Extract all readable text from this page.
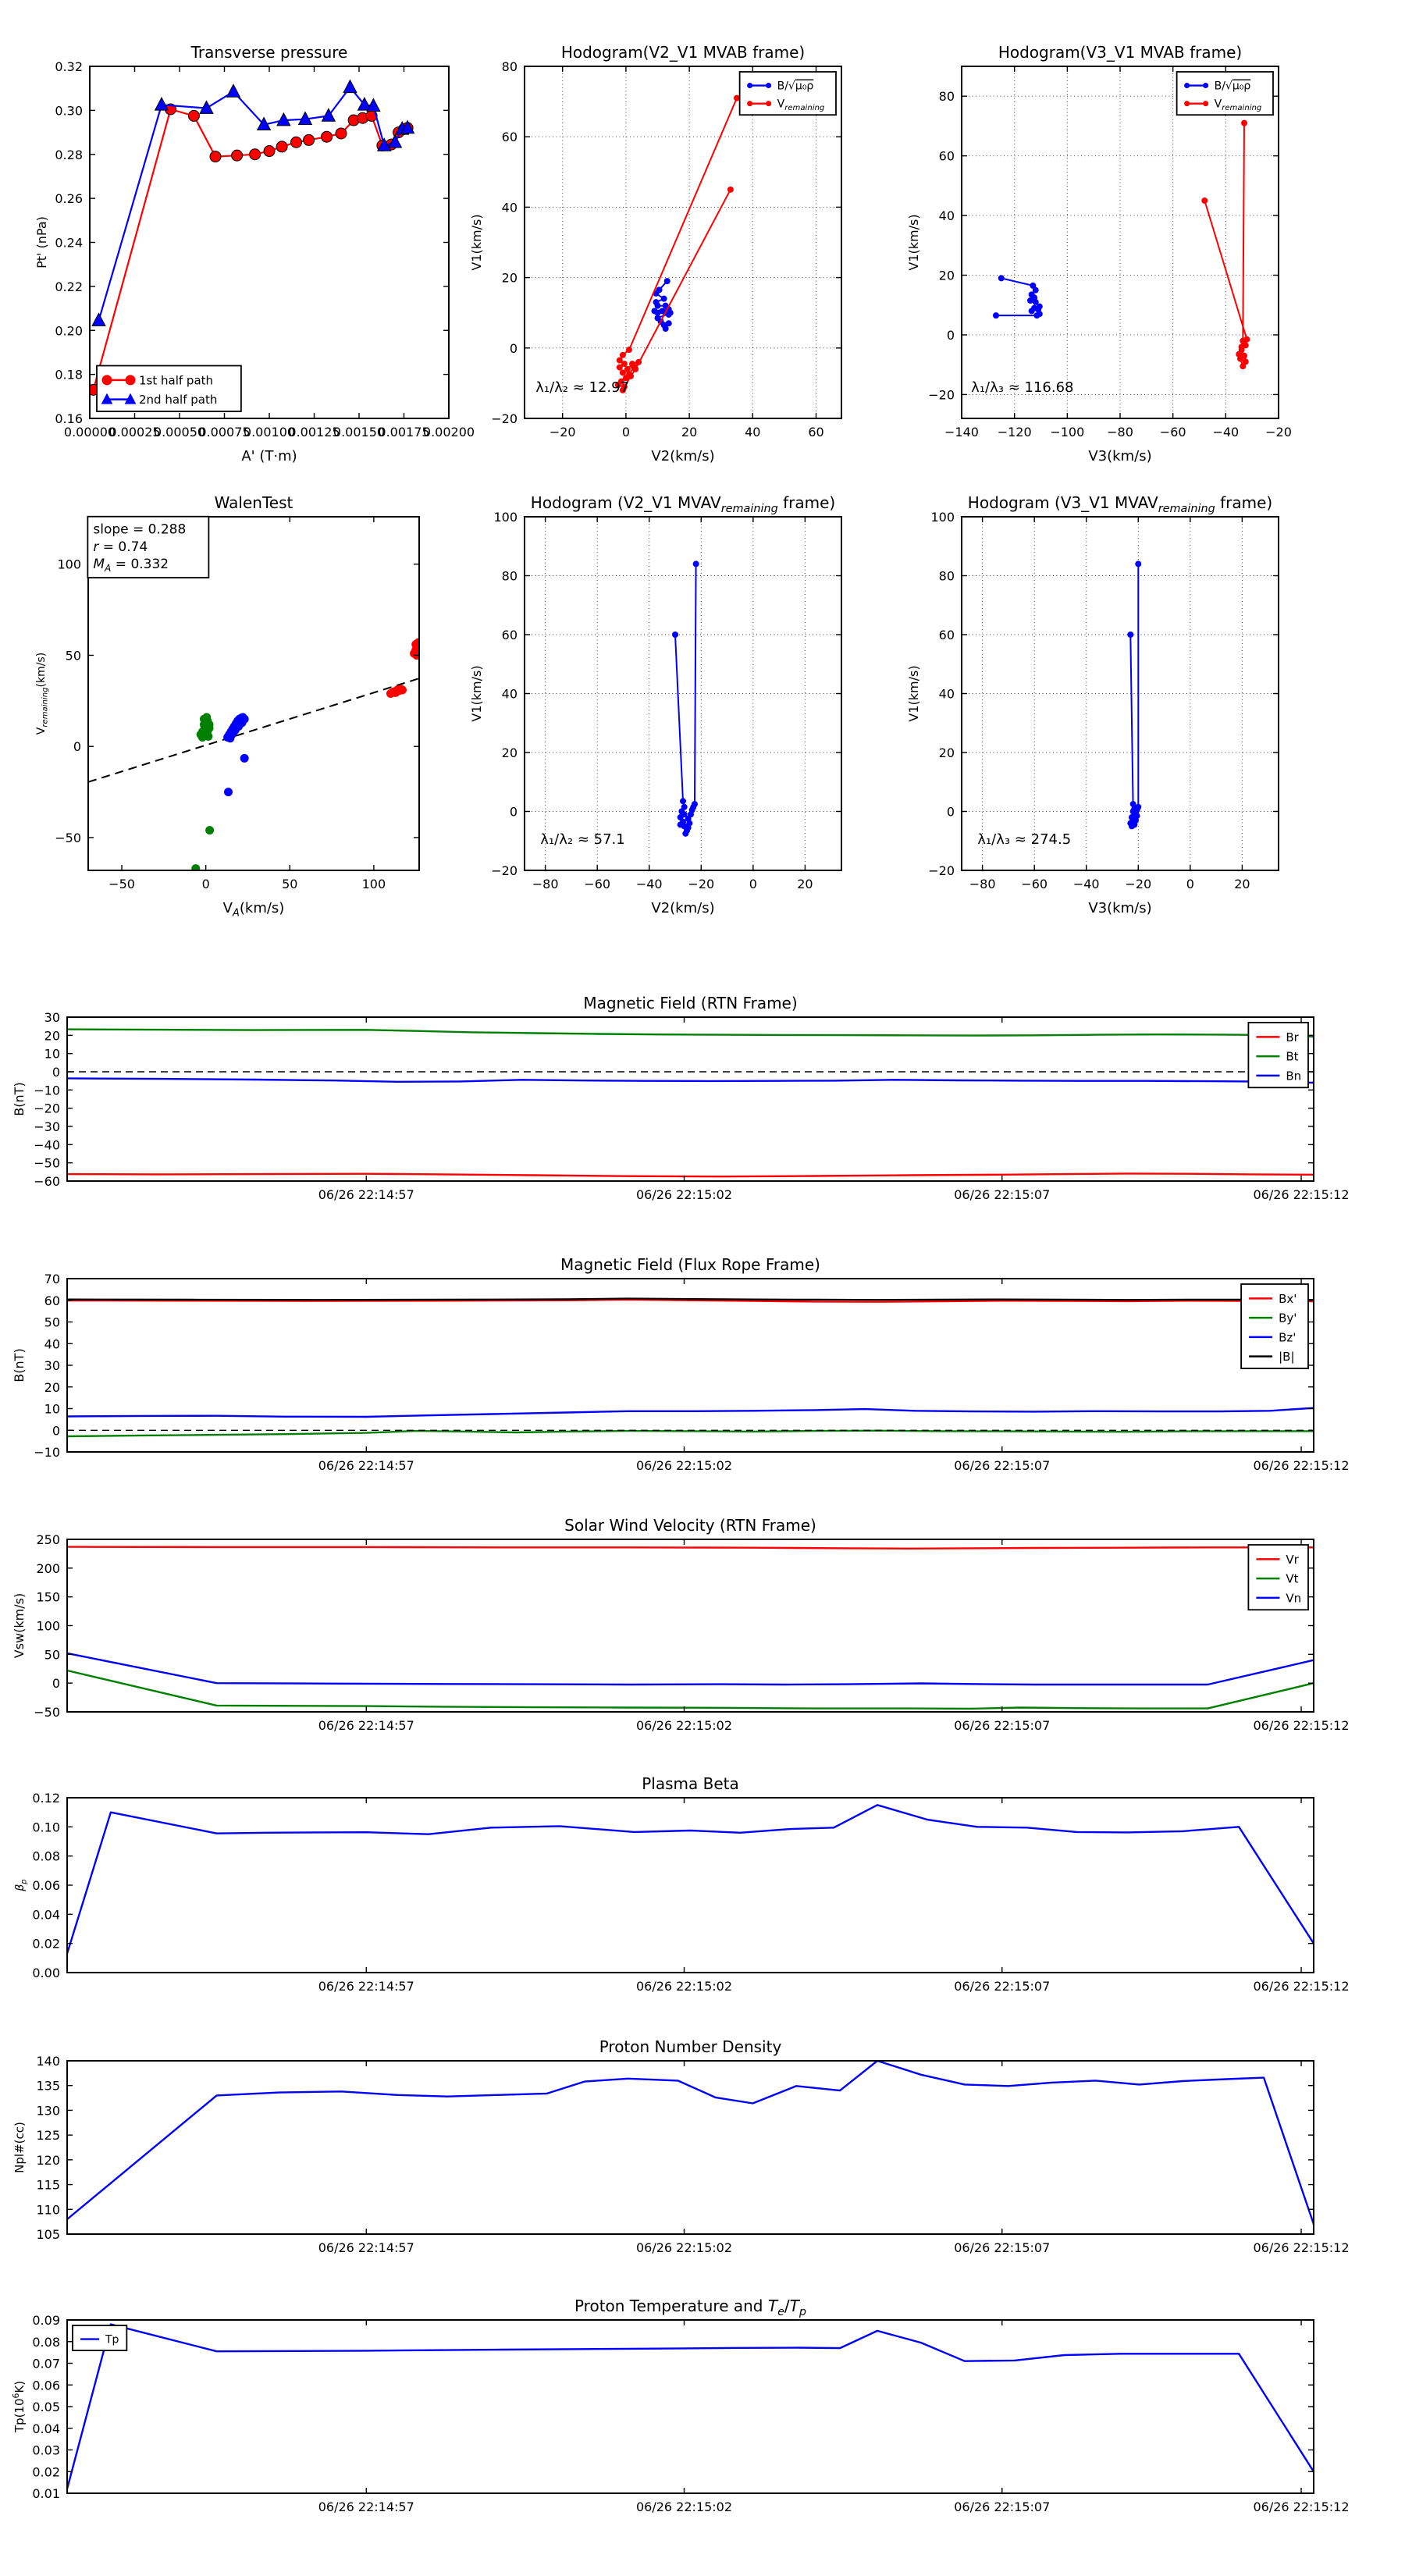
0.00000
0.00025
0.00050
0.00075
0.00100
0.00125
0.00150
0.00175
0.00200
0.16
0.18
0.20
0.22
0.24
0.26
0.28
0.30
0.32
Transverse pressure
A' (T·m)
Pt' (nPa)
1st half path
2nd half path
−20	0	20	40	60
−20
0
20
40
60
80
Hodogram(V2_V1 MVAB frame)
V2(km/s)
V1(km/s)
B/√μ₀ρ
$V_{remaining}$
λ₁/λ₂ ≈ 12.97
−140 −120 −100 −80 −60 −40 −20
−20
0
20
40
60
80
Hodogram(V3_V1 MVAB frame)
V3(km/s)
V1(km/s)
B/√μ₀ρ
$V_{remaining}$
λ₁/λ₃ ≈ 116.68
−50	0	50	100
−50
0
50
100
WalenTest
$V_A(km/s)$
$V_{remaining}(km/s)$
slope = 0.288
r = 0.74
$M_A = 0.332$
−80 −60 −40 −20	0	20
−20
0
20
40
60
80
100
Hodogram (V2_V1 $MVAV_{remaining}$ frame)
V2(km/s)
V1(km/s)
λ₁/λ₂ ≈ 57.1
−80 −60 −40 −20	0	20
−20
0
20
40
60
80
100
Hodogram (V3_V1 $MVAV_{remaining}$ frame)
V3(km/s)
V1(km/s)
λ₁/λ₃ ≈ 274.5
06/26 22:14:57	06/26 22:15:02	06/26 22:15:07	06/26 22:15:12
−60
−50
−40
−30
−20
−10
0
10
20
30
Magnetic Field (RTN Frame)
B(nT)
Br
Bt
Bn
06/26 22:14:57	06/26 22:15:02	06/26 22:15:07	06/26 22:15:12
−10
0
10
20
30
40
50
60
70
Magnetic Field (Flux Rope Frame)
B(nT)
Bx'
By'
Bz'
|B|
06/26 22:14:57	06/26 22:15:02	06/26 22:15:07	06/26 22:15:12
−50
0
50
100
150
200
250
Solar Wind Velocity (RTN Frame)
Vsw(km/s)
Vr
Vt
Vn
06/26 22:14:57	06/26 22:15:02	06/26 22:15:07	06/26 22:15:12
0.00
0.02
0.04
0.06
0.08
0.10
0.12
Plasma Beta
$\beta_p$
06/26 22:14:57	06/26 22:15:02	06/26 22:15:07	06/26 22:15:12
105
110
115
120
125
130
135
140
Proton Number Density
Npl#(cc)
06/26 22:14:57	06/26 22:15:02	06/26 22:15:07	06/26 22:15:12
0.01
0.02
0.03
0.04
0.05
0.06
0.07
0.08
0.09
Proton Temperature and $T_e/T_p$
$Tp(10^6K)$
Tp
